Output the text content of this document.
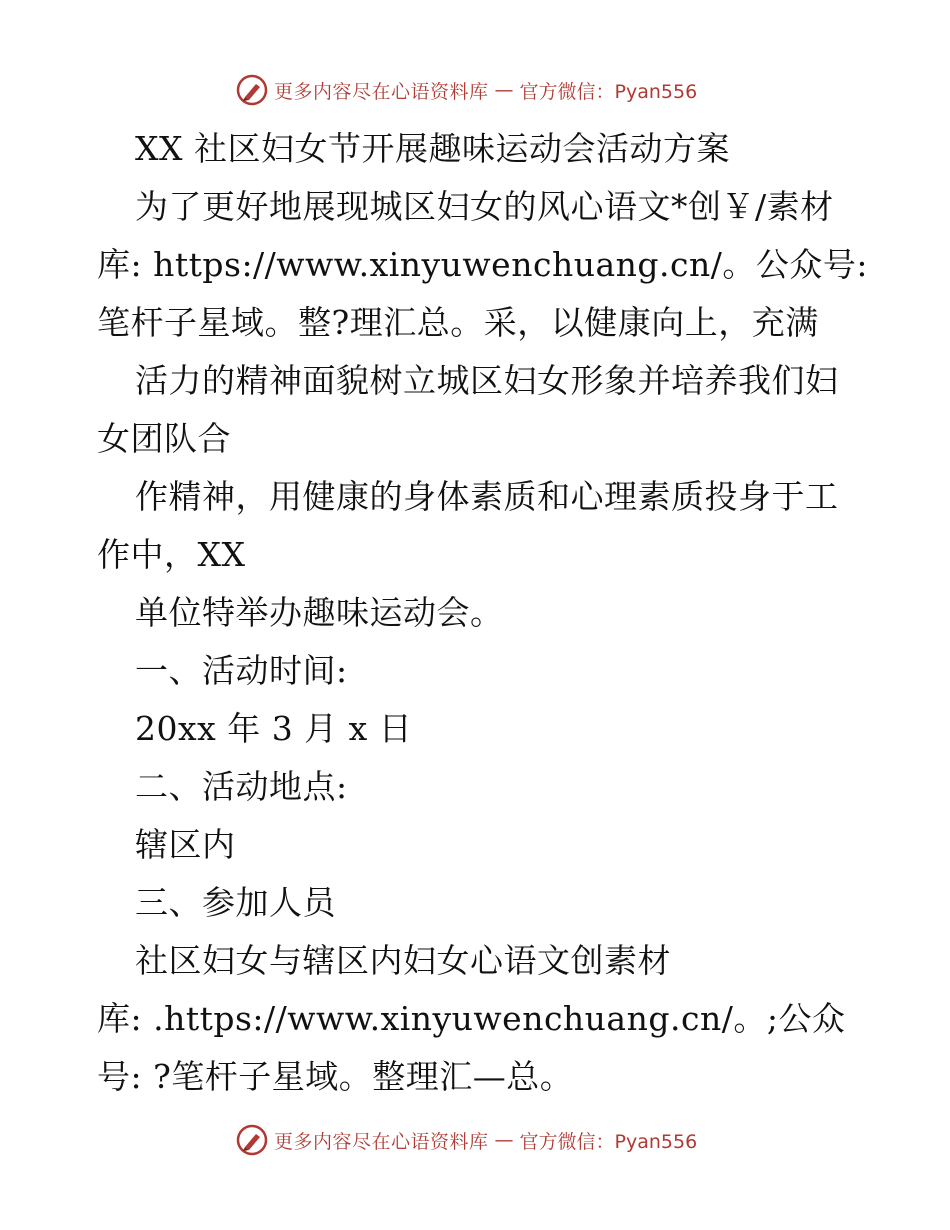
更多内容尽在心语资料库 — 官方微信：Pyan556
XX 社区妇女节开展趣味运动会活动方案
为了更好地展现城区妇女的风心语文*创￥/素材
库: https://www.xinyuwenchuang.cn/。公众号:
笔杆子星域。整?理汇总。采，以健康向上，充满
活力的精神面貌树立城区妇女形象并培养我们妇
女团队合
作精神，用健康的身体素质和心理素质投身于工
作中，XX
单位特举办趣味运动会。
一、活动时间:
20xx 年 3 月 x 日
二、活动地点:
辖区内
三、参加人员
社区妇女与辖区内妇女心语文创素材
库: .https://www.xinyuwenchuang.cn/。;公众
号: ?笔杆子星域。整理汇—总。
更多内容尽在心语资料库 — 官方微信：Pyan556
